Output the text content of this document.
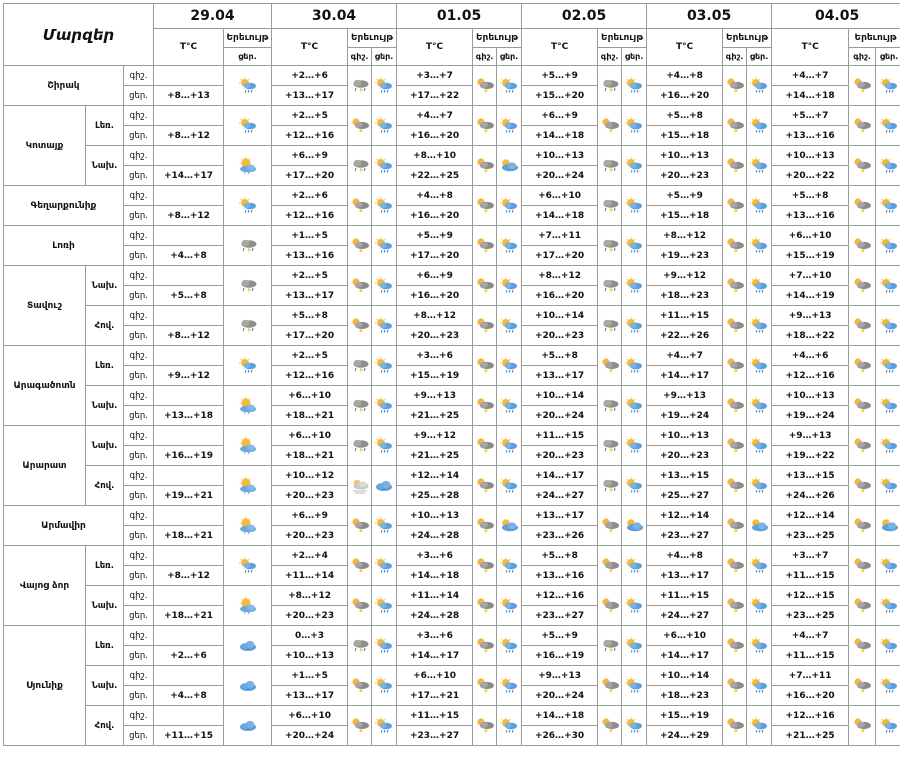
Մարզեր			29.04		30.04			01.05			02.05			03.05			04.05		
			T°C	Երեւույթ	T°C	Երեւույթ		T°C	Երեւույթ		T°C	Երեւույթ		T°C	Երեւույթ		T°C	Երեւույթ	
				ցեր.		գիշ.	ցեր.		գիշ.	ցեր.		գիշ.	ցեր.		գիշ.	ցեր.		գիշ.	ցեր.
Շիրակ		գիշ.			+2…+6			+3…+7			+5…+9			+4…+8			+4…+7	

		ցեր.	+8…+13		+13…+17			+17…+22			+15…+20			+16…+20			+14…+18		
Կոտայք	Լեռ.	գիշ.			+2…+5			+4…+7			+6…+9			+5…+8			+5…+7	

		ցեր.	+8…+12		+12…+16			+16…+20			+14…+18			+15…+18			+13…+16		
	Նախ.	գիշ.			+6…+9			+8…+10			+10…+13			+10…+13			+10…+13	

		ցեր.	+14…+17		+17…+20			+22…+25			+20…+24			+20…+23			+20…+22		
Գեղարքունիք		գիշ.			+2…+6			+4…+8			+6…+10			+5…+9			+5…+8	

		ցեր.	+8…+12		+12…+16			+16…+20			+14…+18			+15…+18			+13…+16		
Լոռի		գիշ.			+1…+5			+5…+9			+7…+11			+8…+12			+6…+10	

		ցեր.	+4…+8		+13…+16			+17…+20			+17…+20			+19…+23			+15…+19		
Տավուշ	Նախ.	գիշ.			+2…+5			+6…+9			+8…+12			+9…+12			+7…+10	

		ցեր.	+5…+8		+13…+17			+16…+20			+16…+20			+18…+23			+14…+19		
	Հով.	գիշ.			+5…+8			+8…+12			+10…+14			+11…+15			+9…+13	

		ցեր.	+8…+12		+17…+20			+20…+23			+20…+23			+22…+26			+18…+22		
Արագածոտն	Լեռ.	գիշ.			+2…+5			+3…+6			+5…+8			+4…+7			+4…+6	

		ցեր.	+9…+12		+12…+16			+15…+19			+13…+17			+14…+17			+12…+16		
	Նախ.	գիշ.			+6…+10			+9…+13			+10…+14			+9…+13			+10…+13	

		ցեր.	+13…+18		+18…+21			+21…+25			+20…+24			+19…+24			+19…+24		
Արարատ	Նախ.	գիշ.			+6…+10			+9…+12			+11…+15			+10…+13			+9…+13	

		ցեր.	+16…+19		+18…+21			+21…+25			+20…+23			+20…+23			+19…+22		
	Հով.	գիշ.			+10…+12			+12…+14			+14…+17			+13…+15			+13…+15	

		ցեր.	+19…+21		+20…+23			+25…+28			+24…+27			+25…+27			+24…+26		
Արմավիր		գիշ.			+6…+9			+10…+13			+13…+17			+12…+14			+12…+14	

		ցեր.	+18…+21		+20…+23			+24…+28			+23…+26			+23…+27			+23…+25		
Վայոց ձոր	Լեռ.	գիշ.			+2…+4			+3…+6			+5…+8			+4…+8			+3…+7	

		ցեր.	+8…+12		+11…+14			+14…+18			+13…+16			+13…+17			+11…+15		
	Նախ.	գիշ.			+8…+12			+11…+14			+12…+16			+11…+15			+12…+15	

		ցեր.	+18…+21		+20…+23			+24…+28			+23…+27			+24…+27			+23…+25		
Սյունիք	Լեռ.	գիշ.			0…+3			+3…+6			+5…+9			+6…+10			+4…+7	

		ցեր.	+2…+6		+10…+13			+14…+17			+16…+19			+14…+17			+11…+15		
	Նախ.	գիշ.			+1…+5			+6…+10			+9…+13			+10…+14			+7…+11	

		ցեր.	+4…+8		+13…+17			+17…+21			+20…+24			+18…+23			+16…+20		
	Հով.	գիշ.			+6…+10			+11…+15			+14…+18			+15…+19			+12…+16	

		ցեր.	+11…+15		+20…+24			+23…+27			+26…+30			+24…+29			+21…+25		
